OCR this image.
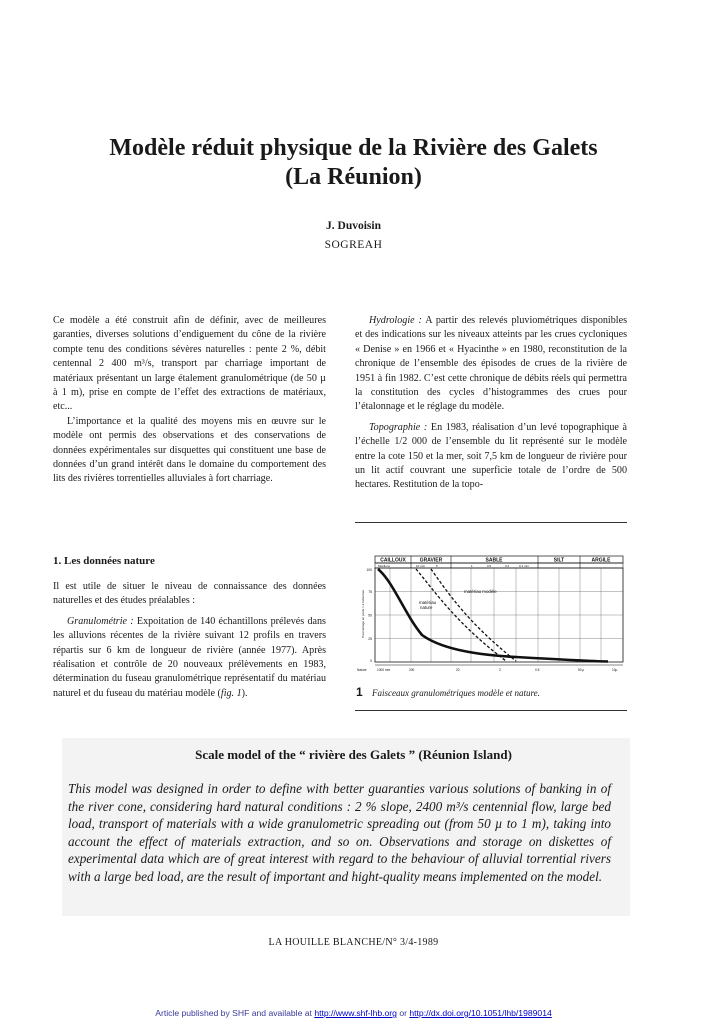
Modèle réduit physique de la Rivière des Galets
(La Réunion)
J. Duvoisin
SOGREAH

Ce modèle a été construit afin de définir, avec de meilleures garanties, diverses solutions d’endiguement du cône de la rivière compte tenu des conditions sévères naturelles : pente 2 %, débit centennal 2 400 m³/s, transport par charriage important de matériaux présentant un large étalement granulométrique (de 50 µ à 1 m), prise en compte de l’effet des extractions de matériaux, etc...

L’importance et la qualité des moyens mis en œuvre sur le modèle ont permis des observations et des conservations de données expérimentales sur disquettes qui constituent une base de données d’un grand intérêt dans le domaine du comportement des lits des rivières torrentielles alluviales à fort charriage.

Hydrologie : A partir des relevés pluviométriques disponibles et des indications sur les niveaux atteints par les crues cycloniques « Denise » en 1966 et « Hyacinthe » en 1980, reconstitution de la chronique de l’ensemble des épisodes de crues de la rivière de 1951 à fin 1982. C’est cette chronique de débits réels qui permettra la constitution des cycles d’histogrammes des crues pour l’étalonnage et le réglage du modèle.

Topographie : En 1983, réalisation d’un levé topographique à l’échelle 1/2 000 de l’ensemble du lit représenté sur le modèle entre la cote 150 et la mer, soit 7,5 km de longueur de rivière pour un lit actif couvrant une superficie totale de l’ordre de 500 hectares. Restitution de la topo-

1. Les données nature

Il est utile de situer le niveau de connaissance des données naturelles et des études préalables :

Granulométrie : Expoitation de 140 échantillons prélevés dans les alluvions récentes de la rivière suivant 12 profils en travers répartis sur 6 km de longueur de rivière (année 1977). Après réalisation et contrôle de 20 nouveaux prélèvements en 1983, détermination du fuseau granulométrique représentatif du matériau naturel et du fuseau du matériau modèle (fig. 1).

CAILLOUX	GRAVIER	SABLE	SILT	ARGILE
Moëllons	10 mm	5	1	0.5	0.2	0.1 mm
100
75
50
25
0
Pourcentage en poids < à l'abscisse
Nature	1000 mm	200	20	2	0.5	50 µ	10µ
matériau modèle
matériau
nature
1 Faisceaux granulométriques modèle et nature.
Scale model of the “ rivière des Galets ” (Réunion Island)
This model was designed in order to define with better guaranties various solutions of banking in of the river cone, considering hard natural conditions : 2 % slope, 2400 m³/s centennial flow, large bed load, transport of materials with a wide granulometric spreading out (from 50 µ to 1 m), taking into account the effect of materials extraction, and so on. Observations and storage on diskettes of experimental data which are of great interest with regard to the behaviour of alluvial torrential rivers with a large bed load, are the result of important and hight-quality means implemented on the model.
LA HOUILLE BLANCHE/N° 3/4-1989
Article published by SHF and available at http://www.shf-lhb.org or http://dx.doi.org/10.1051/lhb/1989014
